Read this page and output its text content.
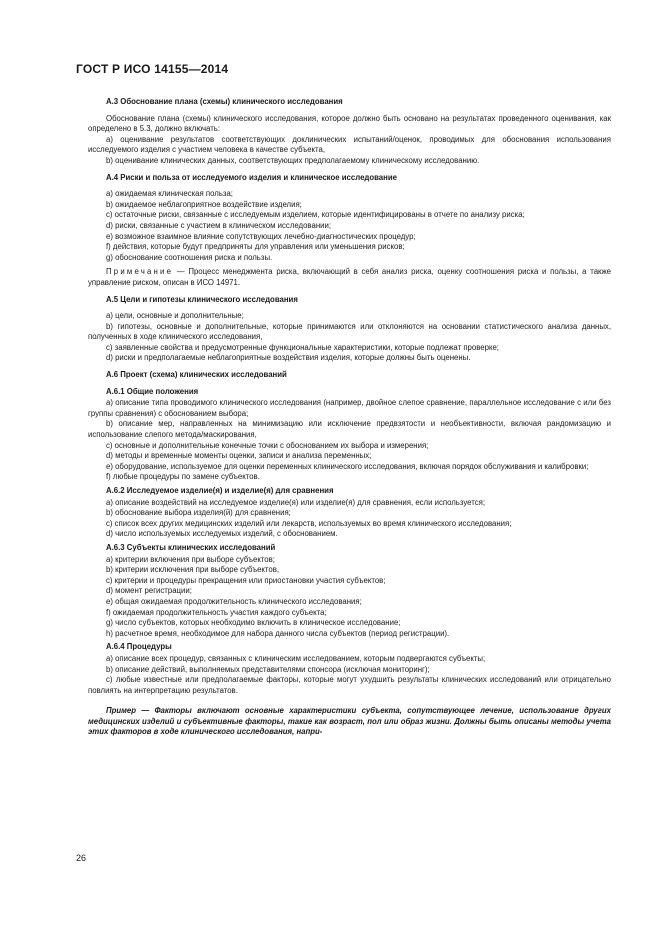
ГОСТ Р ИСО 14155—2014

А.3 Обоснование плана (схемы) клинического исследования

Обоснование плана (схемы) клинического исследования, которое должно быть основано на результатах проведенного оценивания, как определено в 5.3, должно включать:

a) оценивание результатов соответствующих доклинических испытаний/оценок, проводимых для обоснования использования исследуемого изделия с участием человека в качестве субъекта,

b) оценивание клинических данных, соответствующих предполагаемому клиническому исследованию.

А.4 Риски и польза от исследуемого изделия и клиническое исследование

a) ожидаемая клиническая польза;

b) ожидаемое неблагоприятное воздействие изделия;

c) остаточные риски, связанные с исследуемым изделием, которые идентифицированы в отчете по анализу риска;

d) риски, связанные с участием в клиническом исследовании;

e) возможное взаимное влияние сопутствующих лечебно-диагностических процедур;

f) действия, которые будут предприняты для управления или уменьшения рисков;

g) обоснование соотношения риска и пользы.

Примечание — Процесс менеджмента риска, включающий в себя анализ риска, оценку соотношения риска и пользы, а также управление риском, описан в ИСО 14971.

А.5 Цели и гипотезы клинического исследования

a) цели, основные и дополнительные;

b) гипотезы, основные и дополнительные, которые принимаются или отклоняются на основании статистического анализа данных, полученных в ходе клинического исследования,

c) заявленные свойства и предусмотренные функциональные характеристики, которые подлежат проверке;

d) риски и предполагаемые неблагоприятные воздействия изделия, которые должны быть оценены.

А.6 Проект (схема) клинических исследований

А.6.1 Общие положения

a) описание типа проводимого клинического исследования (например, двойное слепое сравнение, параллельное исследование с или без группы сравнения) с обоснованием выбора;

b) описание мер, направленных на минимизацию или исключение предвзятости и необъективности, включая рандомизацию и использование слепого метода/маскирования,

c) основные и дополнительные конечные точки с обоснованием их выбора и измерения;

d) методы и временные моменты оценки, записи и анализа переменных;

e) оборудование, используемое для оценки переменных клинического исследования, включая порядок обслуживания и калибровки;

f) любые процедуры по замене субъектов.

А.6.2 Исследуемое изделие(я) и изделие(я) для сравнения

a) описание воздействий на исследуемое изделие(я) или изделие(я) для сравнения, если используется;

b) обоснование выбора изделия(й) для сравнения;

c) список всех других медицинских изделий или лекарств, используемых во время клинического исследования;

d) число используемых исследуемых изделий, с обоснованием.

А.6.3 Субъекты клинических исследований

a) критерии включения при выборе субъектов;

b) критерии исключения при выборе субъектов,

c) критерии и процедуры прекращения или приостановки участия субъектов;

d) момент регистрации;

e) общая ожидаемая продолжительность клинического исследования;

f) ожидаемая продолжительность участия каждого субъекта;

g) число субъектов, которых необходимо включить в клиническое исследование;

h) расчетное время, необходимое для набора данного числа субъектов (период регистрации).

А.6.4 Процедуры

a) описание всех процедур, связанных с клиническим исследованием, которым подвергаются субъекты;

b) описание действий, выполняемых представителями спонсора (исключая мониторинг);

c) любые известные или предполагаемые факторы, которые могут ухудшить результаты клинических исследований или отрицательно повлиять на интерпретацию результатов.

Пример — Факторы включают основные характеристики субъекта, сопутствующее лечение, использование других медицинских изделий и субъективные факторы, такие как возраст, пол или образ жизни. Должны быть описаны методы учета этих факторов в ходе клинического исследования, напри-

26
